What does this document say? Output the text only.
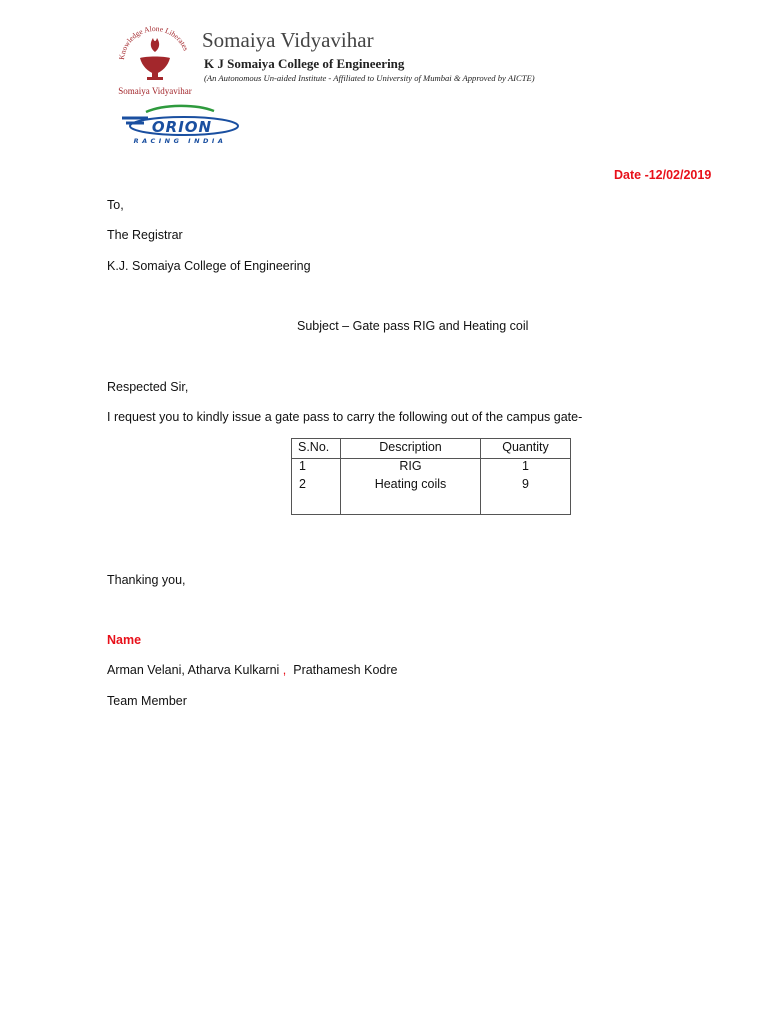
Knowledge Alone Liberates
Somaiya Vidyavihar
Somaiya Vidyavihar
K J Somaiya College of Engineering
(An Autonomous Un-aided Institute - Affiliated to University of Mumbai & Approved by AICTE)
ORION
RACING INDIA
Date -12/02/2019
To,
The Registrar
K.J. Somaiya College of Engineering
Subject – Gate pass RIG and Heating coil
Respected Sir,
I request you to kindly issue a gate pass to carry the following out of the campus gate-
S.No.	Description	Quantity
1	RIG	1
2	Heating coils	9

Thanking you,
Name
Arman Velani, Atharva Kulkarni , Prathamesh Kodre
Team Member
